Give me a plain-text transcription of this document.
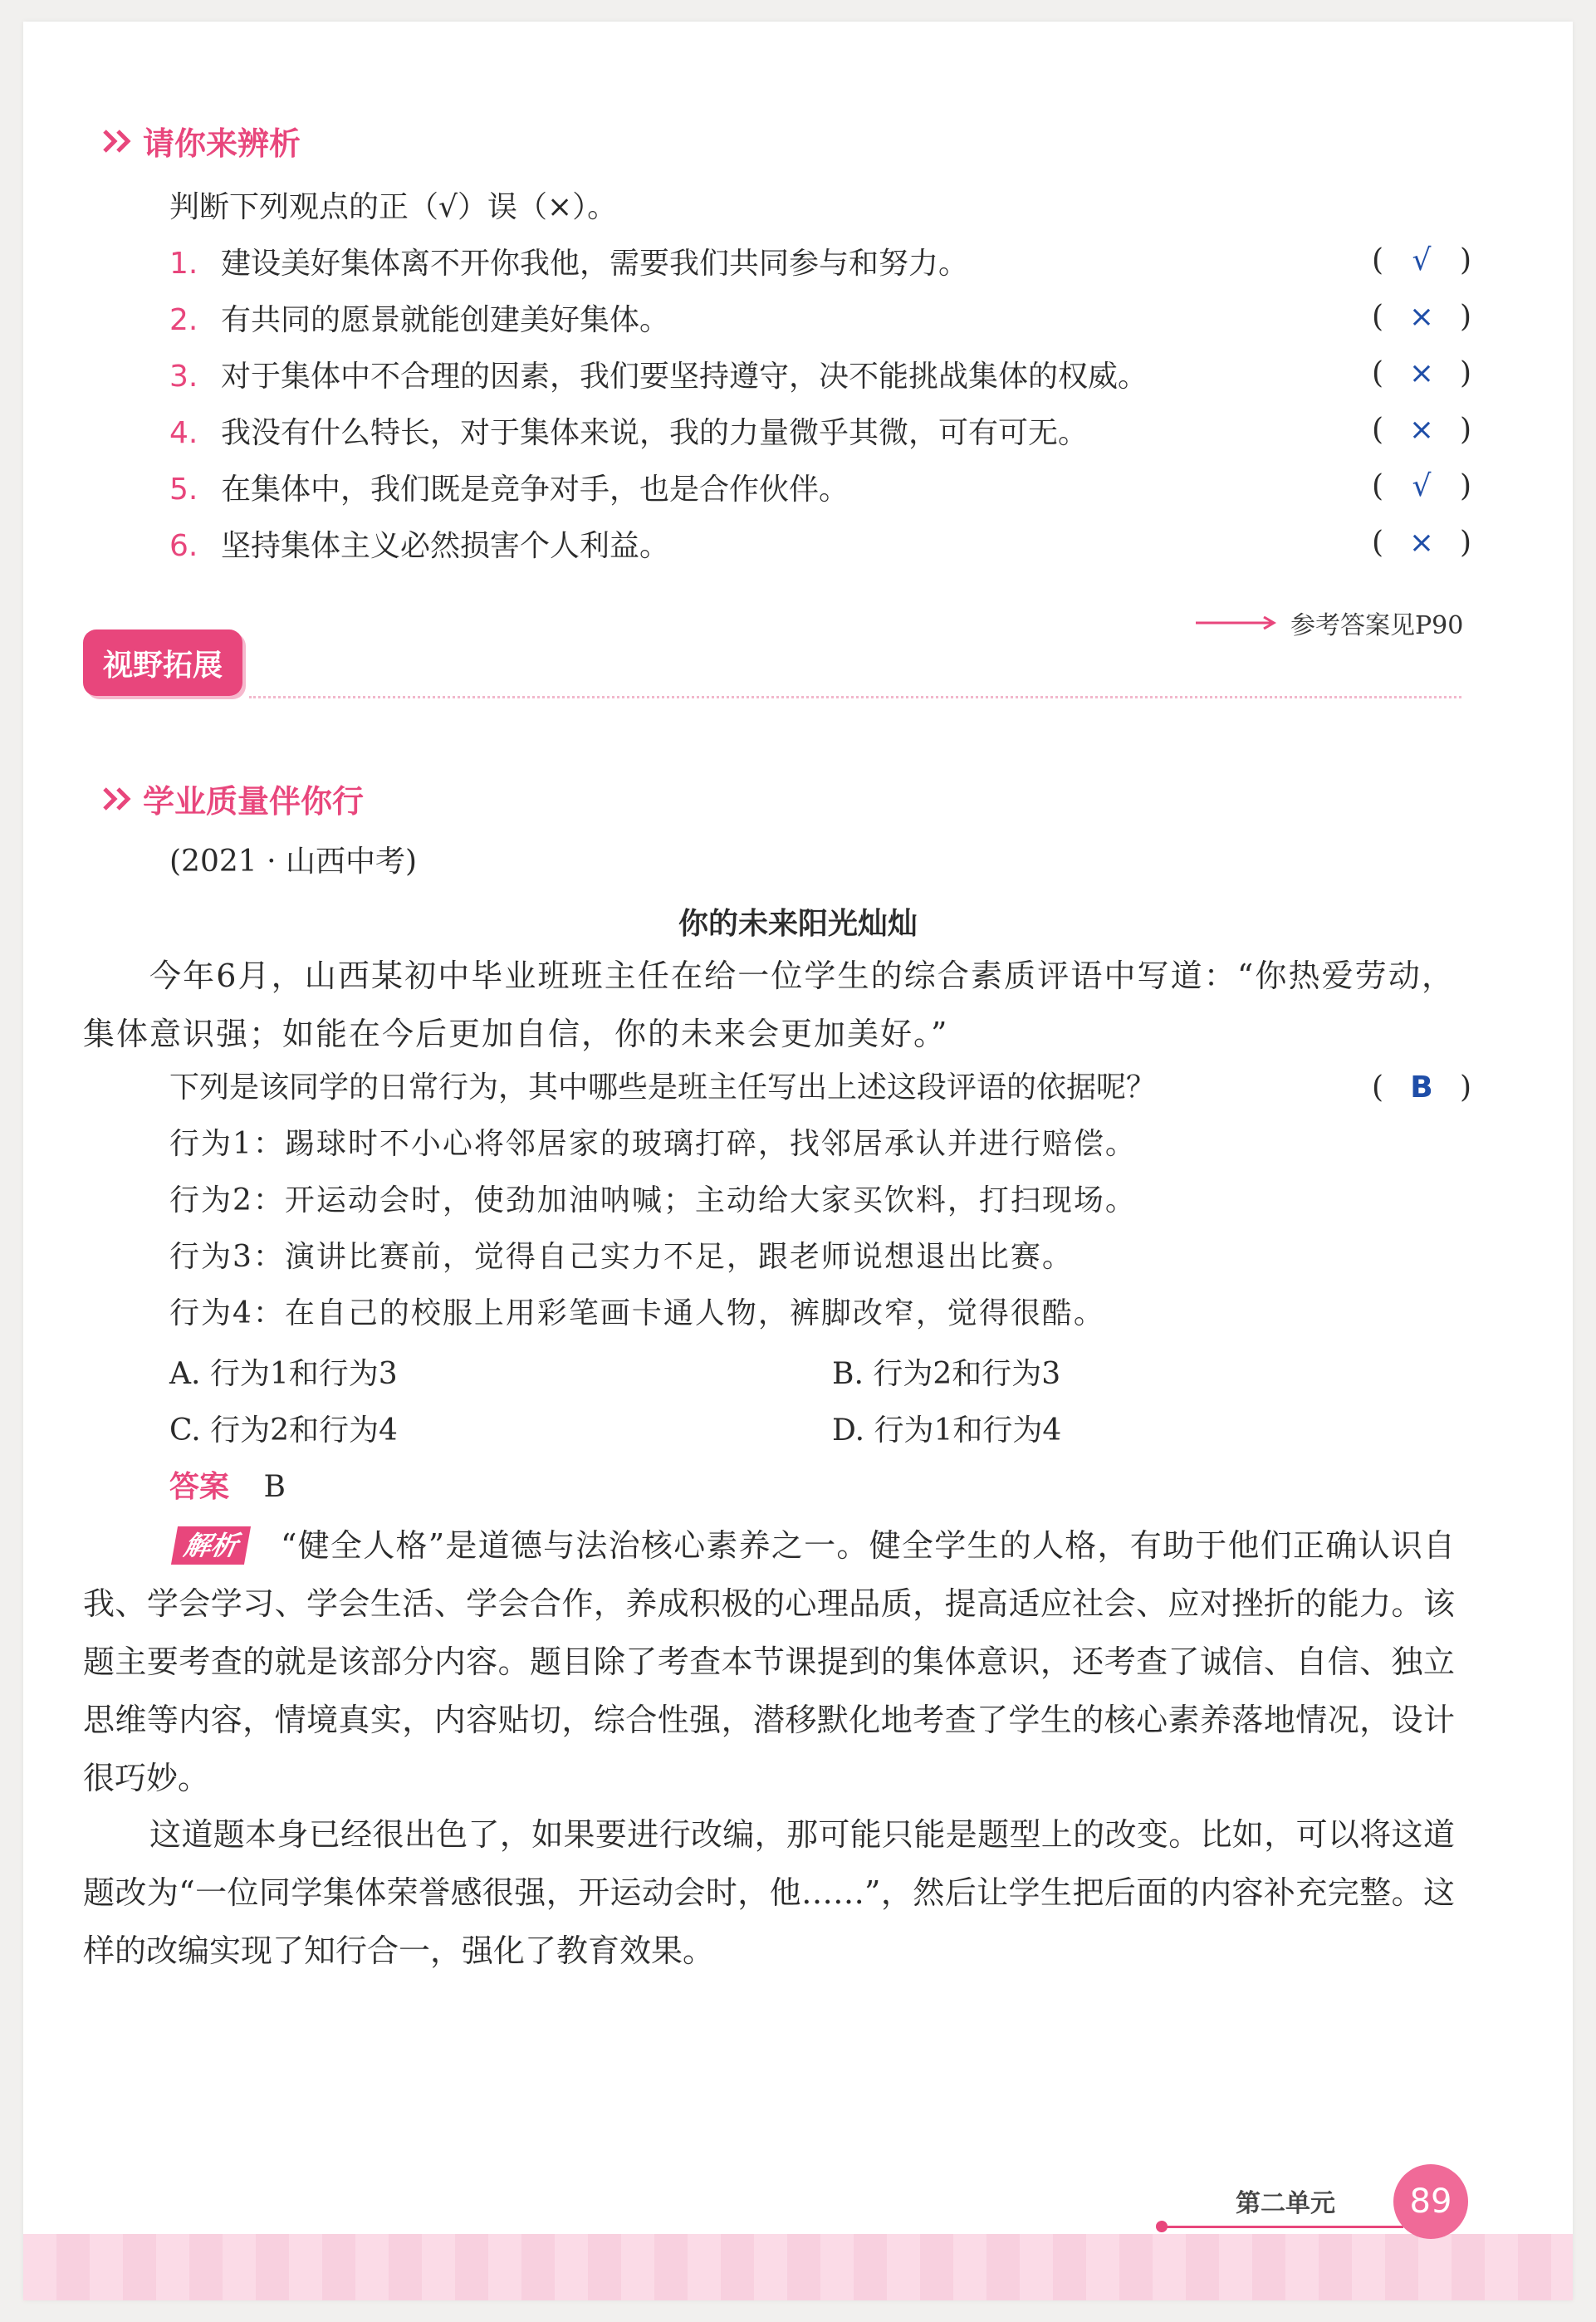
请你来辨析
判断下列观点的正（√）误（×）。
1. 建设美好集体离不开你我他，需要我们共同参与和努力。	( √ )
2. 有共同的愿景就能创建美好集体。	( × )
3. 对于集体中不合理的因素，我们要坚持遵守，决不能挑战集体的权威。	( × )
4. 我没有什么特长，对于集体来说，我的力量微乎其微，可有可无。	( × )
5. 在集体中，我们既是竞争对手，也是合作伙伴。	( √ )
6. 坚持集体主义必然损害个人利益。	( × )
参考答案见P90
视野拓展
学业质量伴你行
(2021 · 山西中考)
你的未来阳光灿灿
今年6月，山西某初中毕业班班主任在给一位学生的综合素质评语中写道：“你热爱劳动，集体意识强；如能在今后更加自信，你的未来会更加美好。”
下列是该同学的日常行为，其中哪些是班主任写出上述这段评语的依据呢？	( B )
行为1：踢球时不小心将邻居家的玻璃打碎，找邻居承认并进行赔偿。
行为2：开运动会时，使劲加油呐喊；主动给大家买饮料，打扫现场。
行为3：演讲比赛前，觉得自己实力不足，跟老师说想退出比赛。
行为4：在自己的校服上用彩笔画卡通人物，裤脚改窄，觉得很酷。
A. 行为1和行为3	B. 行为2和行为3
C. 行为2和行为4	D. 行为1和行为4
答案 B
解析	“健全人格”是道德与法治核心素养之一。健全学生的人格，有助于他们正确认识自我、学会学习、学会生活、学会合作，养成积极的心理品质，提高适应社会、应对挫折的能力。该题主要考查的就是该部分内容。题目除了考查本节课提到的集体意识，还考查了诚信、自信、独立思维等内容，情境真实，内容贴切，综合性强，潜移默化地考查了学生的核心素养落地情况，设计很巧妙。
这道题本身已经很出色了，如果要进行改编，那可能只能是题型上的改变。比如，可以将这道题改为“一位同学集体荣誉感很强，开运动会时，他……”，然后让学生把后面的内容补充完整。这样的改编实现了知行合一，强化了教育效果。
第二单元	89
